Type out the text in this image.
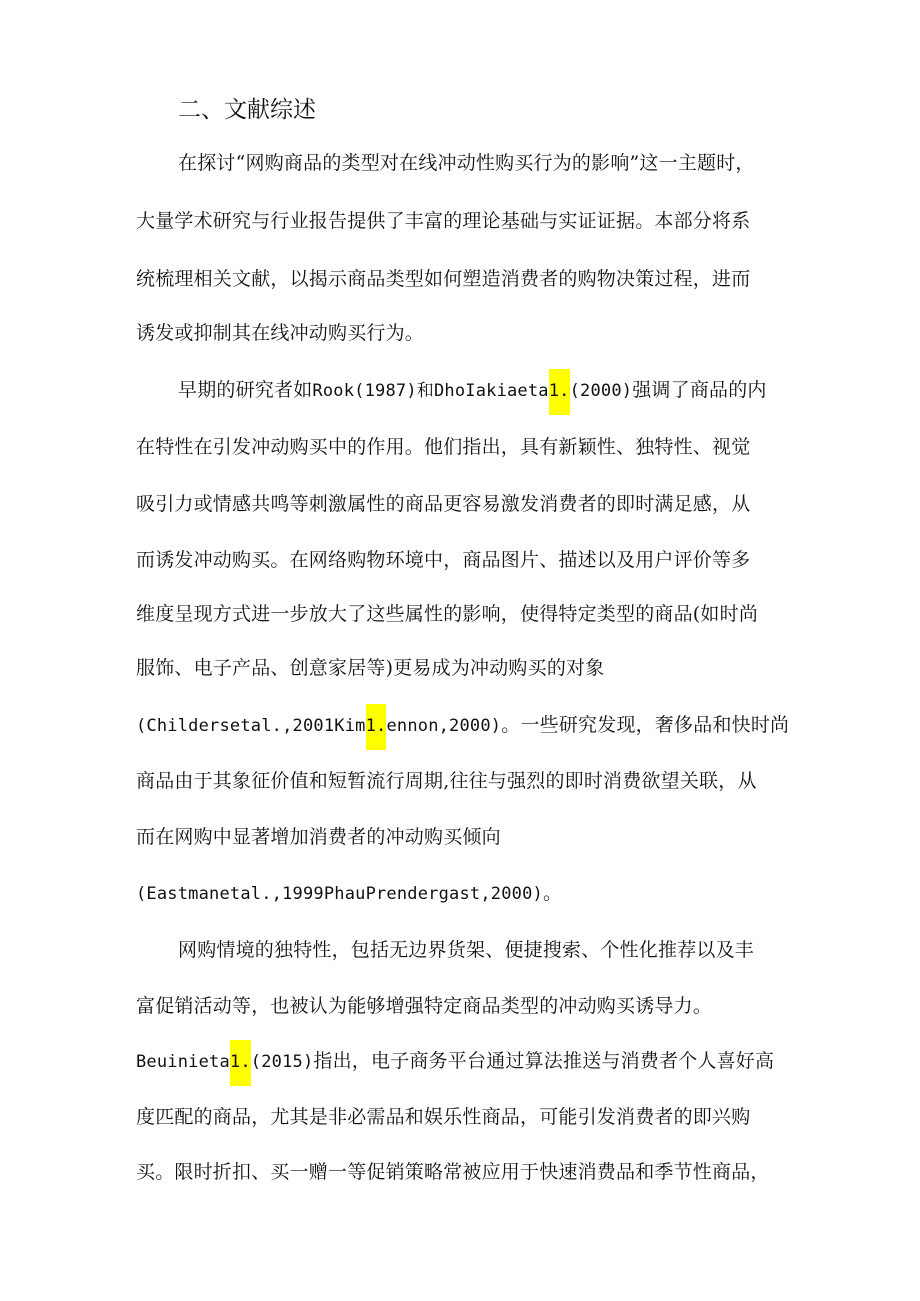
二、文献综述
在探讨“网购商品的类型对在线冲动性购买行为的影响”这一主题时，
大量学术研究与行业报告提供了丰富的理论基础与实证证据。本部分将系
统梳理相关文献，以揭示商品类型如何塑造消费者的购物决策过程，进而
诱发或抑制其在线冲动购买行为。
早期的研究者如Rook(1987)和DhoIakiaeta1.(2000)强调了商品的内
在特性在引发冲动购买中的作用。他们指出，具有新颖性、独特性、视觉
吸引力或情感共鸣等刺激属性的商品更容易激发消费者的即时满足感，从
而诱发冲动购买。在网络购物环境中，商品图片、描述以及用户评价等多
维度呈现方式进一步放大了这些属性的影响，使得特定类型的商品(如时尚
服饰、电子产品、创意家居等)更易成为冲动购买的对象
(Childersetal.,2001Kim1.ennon,2000)。一些研究发现，奢侈品和快时尚
商品由于其象征价值和短暂流行周期,往往与强烈的即时消费欲望关联，从
而在网购中显著增加消费者的冲动购买倾向
(Eastmanetal.,1999PhauPrendergast,2000)。
网购情境的独特性，包括无边界货架、便捷搜索、个性化推荐以及丰
富促销活动等，也被认为能够增强特定商品类型的冲动购买诱导力。
Beuinieta1.(2015)指出，电子商务平台通过算法推送与消费者个人喜好高
度匹配的商品，尤其是非必需品和娱乐性商品，可能引发消费者的即兴购
买。限时折扣、买一赠一等促销策略常被应用于快速消费品和季节性商品，
